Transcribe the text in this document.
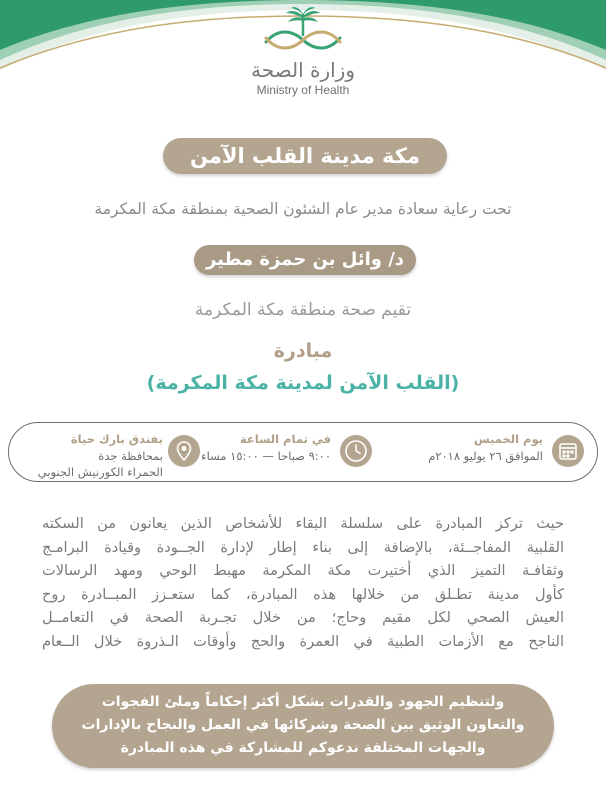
وزارة الصحة
Ministry of Health
مكة مدينة القلب الآمن
تحت رعاية سعادة مدير عام الشئون الصحية بمنطقة مكة المكرمة
د/ وائل بن حمزة مطير
تقيم صحة منطقة مكة المكرمة
مبادرة
(القلب الآمن لمدينة مكة المكرمة)
يوم الخميس
الموافق ٢٦ يوليو ٢٠١٨م
في تمام الساعة
٩:٠٠ صباحا — ١٥:٠٠ مساء
بفندق بارك حياة
بمحافظة جدة
الحمراء الكورنيش الجنوبي
حيث تركز المبادرة على سلسلة البقاء للأشخاص الذين يعانون من السكته
القلبية المفاجــئة، بالإضافة إلى بناء إطار لإدارة الجــودة وقيادة البرامـج
وثقافـة التميز الذي أختيرت مكة المكرمة مهبط الوحي ومهد الرسالات
كأول مدينة تطـلق من خلالها هذه المبادرة، كما ستعـزز المبــادرة روح
العيش الصحي لكل مقيم وحاج؛ من خلال تجـربة الصحة في التعامــل
الناجح مع الأزمات الطبية في العمرة والحج وأوقات الـذروة خلال الــعام
ولتنظيم الجهود والقدرات بشكل أكثر إحكاماً وملئ الفجوات
والتعاون الوثيق بين الصحة وشركائها في العمل والنجاح بالإدارات
والجهات المختلفة ندعوكم للمشاركة في هذه المبادرة
